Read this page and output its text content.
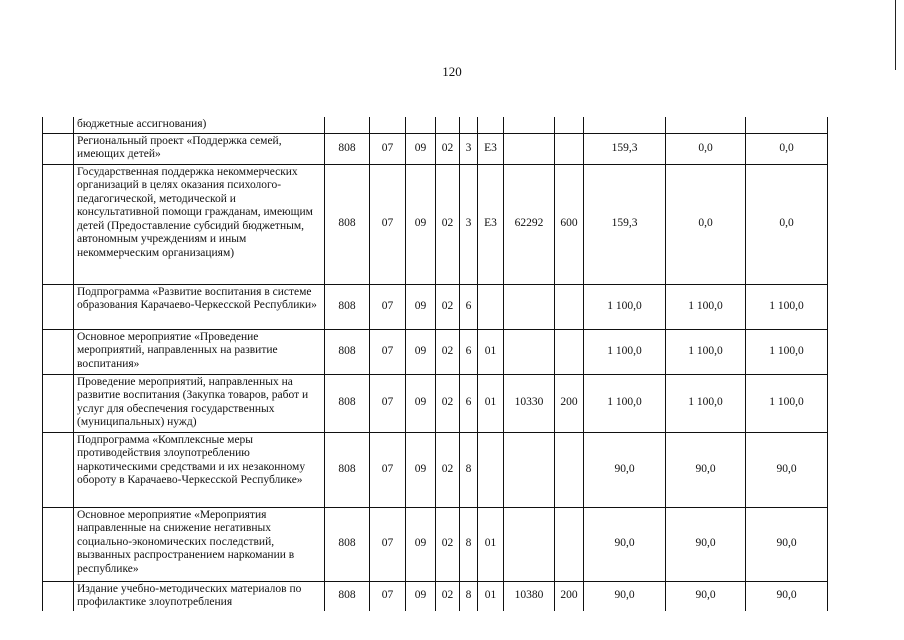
120
	бюджетные ассигнования)											
	Региональный проект «Поддержка семей, имеющих детей»	808	07	09	02	3	Е3			159,3	0,0	0,0
	Государственная поддержка некоммерческих организаций в целях оказания психолого-педагогической, методической и консультативной помощи гражданам, имеющим детей (Предоставление субсидий бюджетным, автономным учреждениям и иным некоммерческим организациям)	808	07	09	02	3	Е3	62292	600	159,3	0,0	0,0
	Подпрограмма «Развитие воспитания в системе образования Карачаево-Черкесской Республики»	808	07	09	02	6				1 100,0	1 100,0	1 100,0
	Основное мероприятие «Проведение мероприятий, направленных на развитие воспитания»	808	07	09	02	6	01			1 100,0	1 100,0	1 100,0
	Проведение мероприятий, направленных на развитие воспитания (Закупка товаров, работ и услуг для обеспечения государственных (муниципальных) нужд)	808	07	09	02	6	01	10330	200	1 100,0	1 100,0	1 100,0
	Подпрограмма «Комплексные меры противодействия злоупотреблению наркотическими средствами и их незаконному обороту в Карачаево-Черкесской Республике»	808	07	09	02	8				90,0	90,0	90,0
	Основное мероприятие «Мероприятия направленные на снижение негативных социально-экономических последствий, вызванных распространением наркомании в республике»	808	07	09	02	8	01			90,0	90,0	90,0
	Издание учебно-методических материалов по профилактике злоупотребления	808	07	09	02	8	01	10380	200	90,0	90,0	90,0
